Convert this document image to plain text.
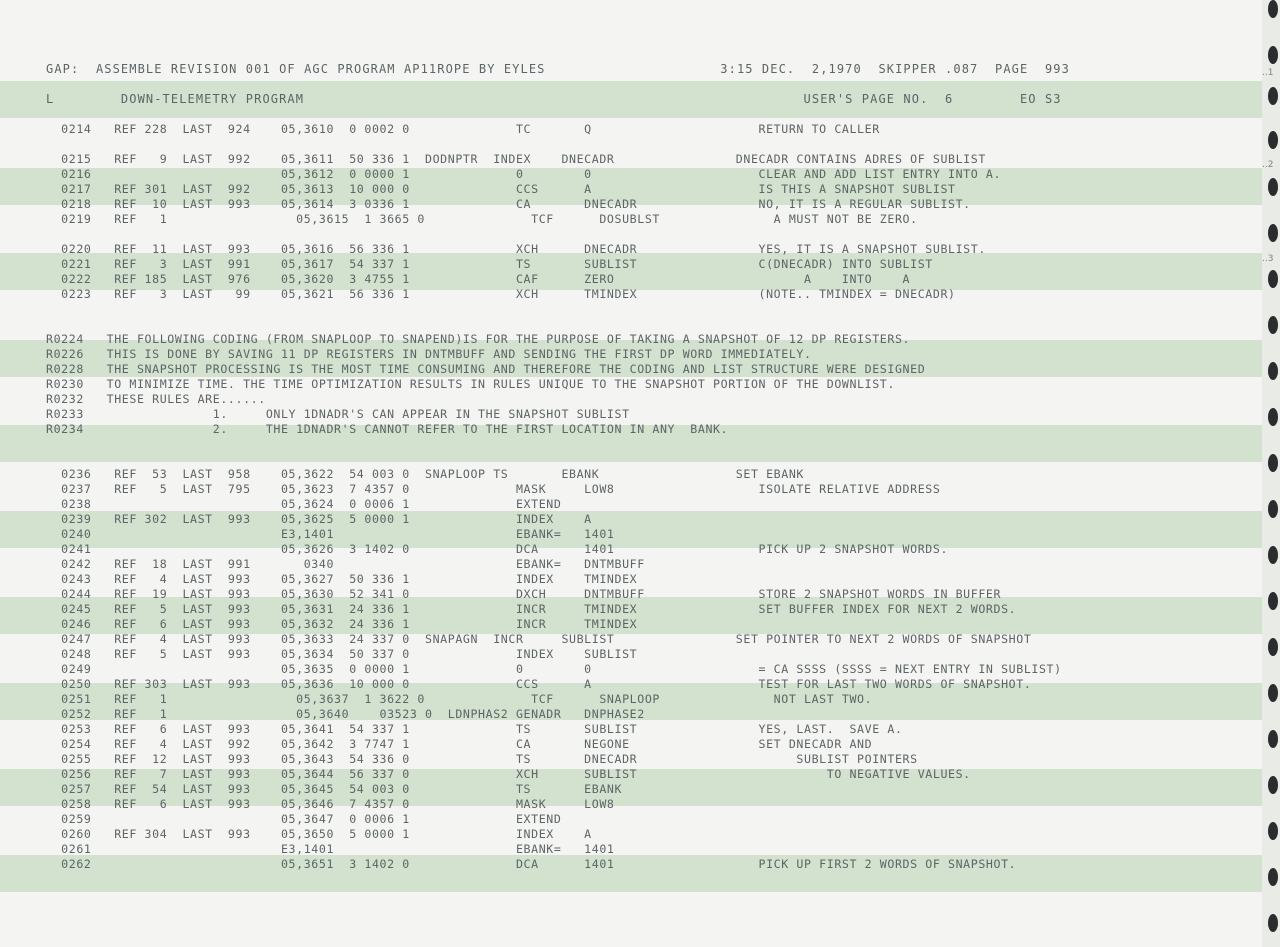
GAP:  ASSEMBLE REVISION 001 OF AGC PROGRAM AP11ROPE BY EYLES                     3:15 DEC.  2,1970  SKIPPER .087  PAGE  993
L        DOWN-TELEMETRY PROGRAM                                                            USER'S PAGE NO.  6        EO S3
0214   REF 228  LAST  924    05,3610  0 0002 0              TC       Q                      RETURN TO CALLER
0215   REF   9  LAST  992    05,3611  50 336 1  DODNPTR  INDEX    DNECADR                DNECADR CONTAINS ADRES OF SUBLIST
0216                         05,3612  0 0000 1              0        0                      CLEAR AND ADD LIST ENTRY INTO A.
0217   REF 301  LAST  992    05,3613  10 000 0              CCS      A                      IS THIS A SNAPSHOT SUBLIST
0218   REF  10  LAST  993    05,3614  3 0336 1              CA       DNECADR                NO, IT IS A REGULAR SUBLIST.
0219   REF   1                 05,3615  1 3665 0              TCF      DOSUBLST               A MUST NOT BE ZERO.
0220   REF  11  LAST  993    05,3616  56 336 1              XCH      DNECADR                YES, IT IS A SNAPSHOT SUBLIST.
0221   REF   3  LAST  991    05,3617  54 337 1              TS       SUBLIST                C(DNECADR) INTO SUBLIST
0222   REF 185  LAST  976    05,3620  3 4755 1              CAF      ZERO                         A    INTO    A
0223   REF   3  LAST   99    05,3621  56 336 1              XCH      TMINDEX                (NOTE.. TMINDEX = DNECADR)
R0224   THE FOLLOWING CODING (FROM SNAPLOOP TO SNAPEND)IS FOR THE PURPOSE OF TAKING A SNAPSHOT OF 12 DP REGISTERS.
R0226   THIS IS DONE BY SAVING 11 DP REGISTERS IN DNTMBUFF AND SENDING THE FIRST DP WORD IMMEDIATELY.
R0228   THE SNAPSHOT PROCESSING IS THE MOST TIME CONSUMING AND THEREFORE THE CODING AND LIST STRUCTURE WERE DESIGNED
R0230   TO MINIMIZE TIME. THE TIME OPTIMIZATION RESULTS IN RULES UNIQUE TO THE SNAPSHOT PORTION OF THE DOWNLIST.
R0232   THESE RULES ARE......
R0233                 1.     ONLY 1DNADR'S CAN APPEAR IN THE SNAPSHOT SUBLIST
R0234                 2.     THE 1DNADR'S CANNOT REFER TO THE FIRST LOCATION IN ANY  BANK.
0236   REF  53  LAST  958    05,3622  54 003 0  SNAPLOOP TS       EBANK                  SET EBANK
0237   REF   5  LAST  795    05,3623  7 4357 0              MASK     LOW8                   ISOLATE RELATIVE ADDRESS
0238                         05,3624  0 0006 1              EXTEND
0239   REF 302  LAST  993    05,3625  5 0000 1              INDEX    A
0240                         E3,1401                        EBANK=   1401
0241                         05,3626  3 1402 0              DCA      1401                   PICK UP 2 SNAPSHOT WORDS.
0242   REF  18  LAST  991       0340                        EBANK=   DNTMBUFF
0243   REF   4  LAST  993    05,3627  50 336 1              INDEX    TMINDEX
0244   REF  19  LAST  993    05,3630  52 341 0              DXCH     DNTMBUFF               STORE 2 SNAPSHOT WORDS IN BUFFER
0245   REF   5  LAST  993    05,3631  24 336 1              INCR     TMINDEX                SET BUFFER INDEX FOR NEXT 2 WORDS.
0246   REF   6  LAST  993    05,3632  24 336 1              INCR     TMINDEX
0247   REF   4  LAST  993    05,3633  24 337 0  SNAPAGN  INCR     SUBLIST                SET POINTER TO NEXT 2 WORDS OF SNAPSHOT
0248   REF   5  LAST  993    05,3634  50 337 0              INDEX    SUBLIST
0249                         05,3635  0 0000 1              0        0                      = CA SSSS (SSSS = NEXT ENTRY IN SUBLIST)
0250   REF 303  LAST  993    05,3636  10 000 0              CCS      A                      TEST FOR LAST TWO WORDS OF SNAPSHOT.
0251   REF   1                 05,3637  1 3622 0              TCF      SNAPLOOP               NOT LAST TWO.
0252   REF   1                 05,3640    03523 0  LDNPHAS2 GENADR   DNPHASE2
0253   REF   6  LAST  993    05,3641  54 337 1              TS       SUBLIST                YES, LAST.  SAVE A.
0254   REF   4  LAST  992    05,3642  3 7747 1              CA       NEGONE                 SET DNECADR AND
0255   REF  12  LAST  993    05,3643  54 336 0              TS       DNECADR                     SUBLIST POINTERS
0256   REF   7  LAST  993    05,3644  56 337 0              XCH      SUBLIST                         TO NEGATIVE VALUES.
0257   REF  54  LAST  993    05,3645  54 003 0              TS       EBANK
0258   REF   6  LAST  993    05,3646  7 4357 0              MASK     LOW8
0259                         05,3647  0 0006 1              EXTEND
0260   REF 304  LAST  993    05,3650  5 0000 1              INDEX    A
0261                         E3,1401                        EBANK=   1401
0262                         05,3651  3 1402 0              DCA      1401                   PICK UP FIRST 2 WORDS OF SNAPSHOT.
..1
..2
..3
